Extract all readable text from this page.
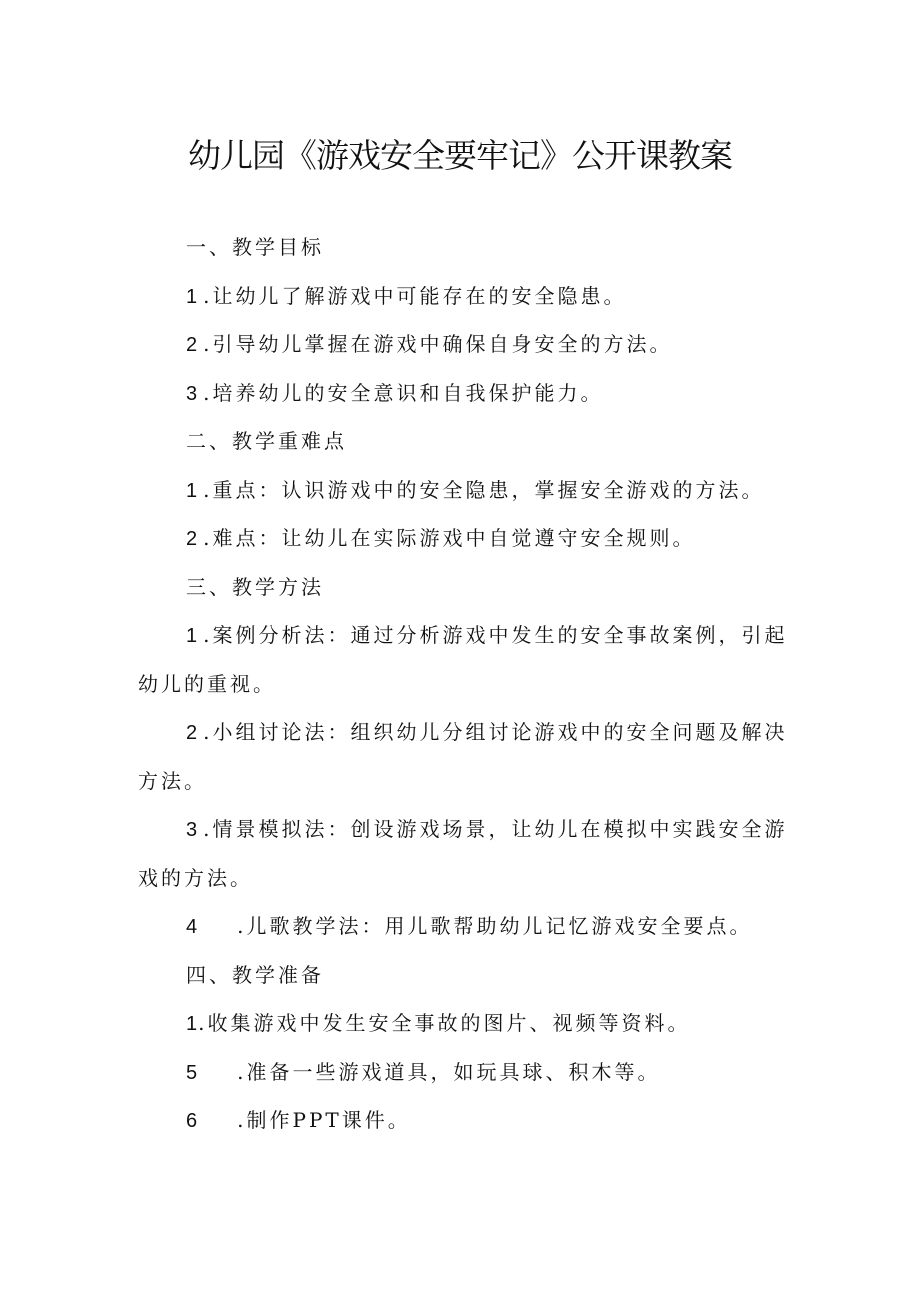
幼儿园《游戏安全要牢记》公开课教案
一、教学目标
1.让幼儿了解游戏中可能存在的安全隐患。
2.引导幼儿掌握在游戏中确保自身安全的方法。
3.培养幼儿的安全意识和自我保护能力。
二、教学重难点
1.重点：认识游戏中的安全隐患，掌握安全游戏的方法。
2.难点：让幼儿在实际游戏中自觉遵守安全规则。
三、教学方法
1.案例分析法：通过分析游戏中发生的安全事故案例，引起
幼儿的重视。
2.小组讨论法：组织幼儿分组讨论游戏中的安全问题及解决
方法。
3.情景模拟法：创设游戏场景，让幼儿在模拟中实践安全游
戏的方法。
4 .儿歌教学法：用儿歌帮助幼儿记忆游戏安全要点。
四、教学准备
1.收集游戏中发生安全事故的图片、视频等资料。
5 .准备一些游戏道具，如玩具球、积木等。
6 .制作PPT课件。
